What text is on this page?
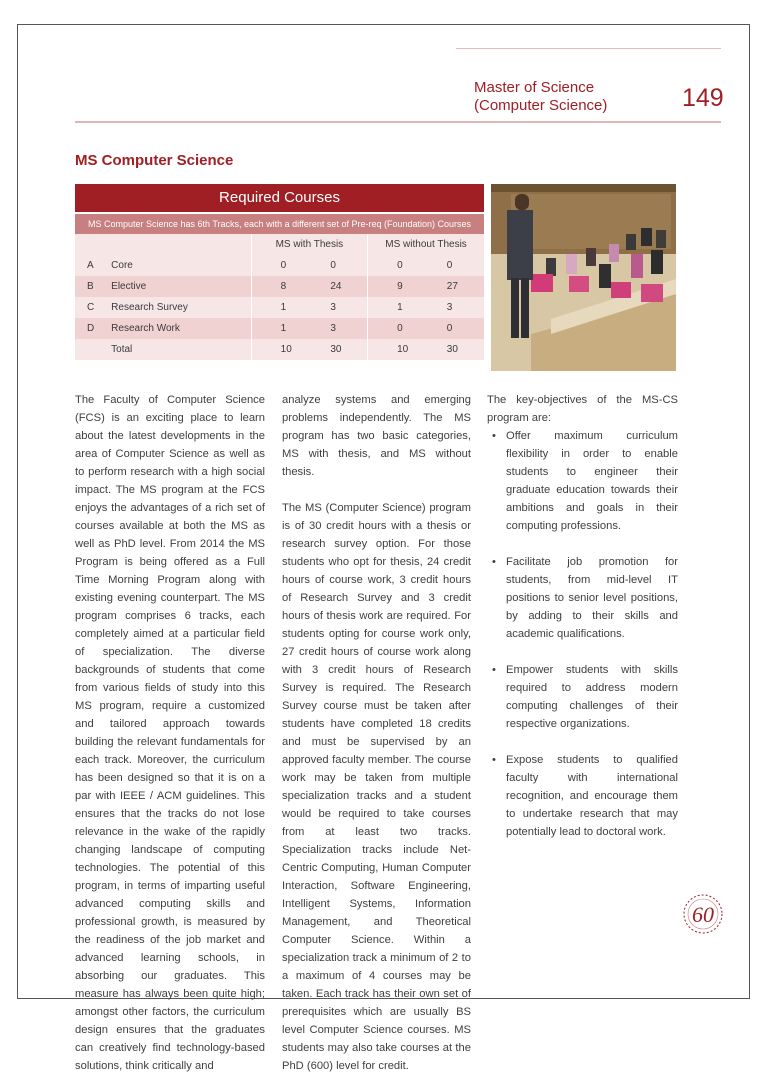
Master of Science
(Computer Science)	149
MS Computer Science
Required Courses
MS Computer Science has 6th Tracks, each with a different set of Pre-req (Foundation) Courses
		MS with Thesis		MS without Thesis	
A	Core	0	0	0	0
B	Elective	8	24	9	27
C	Research Survey	1	3	1	3
D	Research Work	1	3	0	0
	Total	10	30	10	30

The Faculty of Computer Science (FCS) is an exciting place to learn about the latest developments in the area of Computer Science as well as to perform research with a high social impact. The MS program at the FCS enjoys the advantages of a rich set of courses available at both the MS as well as PhD level. From 2014 the MS Program is being offered as a Full Time Morning Program along with existing evening counterpart. The MS program comprises 6 tracks, each completely aimed at a particular field of specialization. The diverse backgrounds of students that come from various fields of study into this MS program, require a customized and tailored approach towards building the relevant fundamentals for each track. Moreover, the curriculum has been designed so that it is on a par with IEEE / ACM guidelines. This ensures that the tracks do not lose relevance in the wake of the rapidly changing landscape of computing technologies. The potential of this program, in terms of imparting useful advanced computing skills and professional growth, is measured by the readiness of the job market and advanced learning schools, in absorbing our graduates. This measure has always been quite high; amongst other factors, the curriculum design ensures that the graduates can creatively find technology-based solutions, think critically and

analyze systems and emerging problems independently. The MS program has two basic categories, MS with thesis, and MS without thesis.

The MS (Computer Science) program is of 30 credit hours with a thesis or research survey option. For those students who opt for thesis, 24 credit hours of course work, 3 credit hours of Research Survey and 3 credit hours of thesis work are required. For students opting for course work only, 27 credit hours of course work along with 3 credit hours of Research Survey is required. The Research Survey course must be taken after students have completed 18 credits and must be supervised by an approved faculty member. The course work may be taken from multiple specialization tracks and a student would be required to take courses from at least two tracks. Specialization tracks include Net-Centric Computing, Human Computer Interaction, Software Engineering, Intelligent Systems, Information Management, and Theoretical Computer Science. Within a specialization track a minimum of 2 to a maximum of 4 courses may be taken. Each track has their own set of prerequisites which are usually BS level Computer Science courses. MS students may also take courses at the PhD (600) level for credit.

The key-objectives of the MS-CS program are:

• Offer maximum curriculum flexibility in order to enable students to engineer their graduate education towards their ambitions and goals in their computing professions.
• Facilitate job promotion for students, from mid-level IT positions to senior level positions, by adding to their skills and academic qualifications.
• Empower students with skills required to address modern computing challenges of their respective organizations.
• Expose students to qualified faculty with international recognition, and encourage them to undertake research that may potentially lead to doctoral work.
60
